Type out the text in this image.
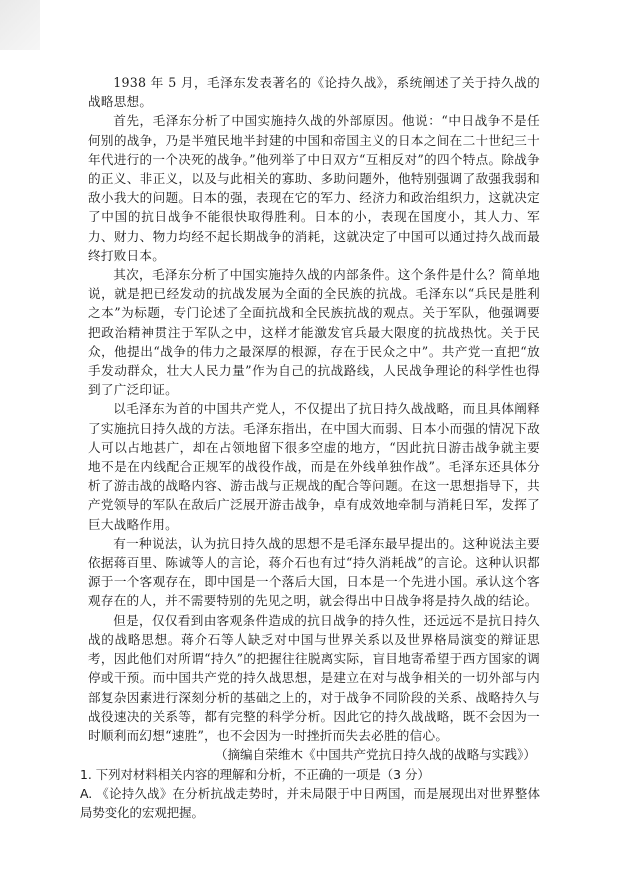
1938 年 5 月，毛泽东发表著名的《论持久战》，系统阐述了关于持久战的战略思想。

首先，毛泽东分析了中国实施持久战的外部原因。他说：“中日战争不是任何别的战争，乃是半殖民地半封建的中国和帝国主义的日本之间在二十世纪三十年代进行的一个决死的战争。”他列举了中日双方“互相反对”的四个特点。除战争的正义、非正义，以及与此相关的寡助、多助问题外，他特别强调了敌强我弱和敌小我大的问题。日本的强，表现在它的军力、经济力和政治组织力，这就决定了中国的抗日战争不能很快取得胜利。日本的小，表现在国度小，其人力、军力、财力、物力均经不起长期战争的消耗，这就决定了中国可以通过持久战而最终打败日本。

其次，毛泽东分析了中国实施持久战的内部条件。这个条件是什么？简单地说，就是把已经发动的抗战发展为全面的全民族的抗战。毛泽东以“兵民是胜利之本”为标题，专门论述了全面抗战和全民族抗战的观点。关于军队，他强调要把政治精神贯注于军队之中，这样才能激发官兵最大限度的抗战热忱。关于民众，他提出“战争的伟力之最深厚的根源，存在于民众之中”。共产党一直把“放手发动群众，壮大人民力量”作为自己的抗战路线，人民战争理论的科学性也得到了广泛印证。

以毛泽东为首的中国共产党人，不仅提出了抗日持久战战略，而且具体阐释了实施抗日持久战的方法。毛泽东指出，在中国大而弱、日本小而强的情况下敌人可以占地甚广，却在占领地留下很多空虚的地方，“因此抗日游击战争就主要地不是在内线配合正规军的战役作战，而是在外线单独作战”。毛泽东还具体分析了游击战的战略内容、游击战与正规战的配合等问题。在这一思想指导下，共产党领导的军队在敌后广泛展开游击战争，卓有成效地牵制与消耗日军，发挥了巨大战略作用。

有一种说法，认为抗日持久战的思想不是毛泽东最早提出的。这种说法主要依据蒋百里、陈诚等人的言论，蒋介石也有过“持久消耗战”的言论。这种认识都源于一个客观存在，即中国是一个落后大国，日本是一个先进小国。承认这个客观存在的人，并不需要特别的先见之明，就会得出中日战争将是持久战的结论。

但是，仅仅看到由客观条件造成的抗日战争的持久性，还远远不是抗日持久战的战略思想。蒋介石等人缺乏对中国与世界关系以及世界格局演变的辩证思考，因此他们对所谓“持久”的把握往往脱离实际，盲目地寄希望于西方国家的调停或干预。而中国共产党的持久战思想，是建立在对与战争相关的一切外部与内部复杂因素进行深刻分析的基础之上的，对于战争不同阶段的关系、战略持久与战役速决的关系等，都有完整的科学分析。因此它的持久战战略，既不会因为一时顺利而幻想“速胜”，也不会因为一时挫折而失去必胜的信心。

（摘编自荣维木《中国共产党抗日持久战的战略与实践》）

1. 下列对材料相关内容的理解和分析，不正确的一项是（3 分）

A. 《论持久战》在分析抗战走势时，并未局限于中日两国，而是展现出对世界整体局势变化的宏观把握。
